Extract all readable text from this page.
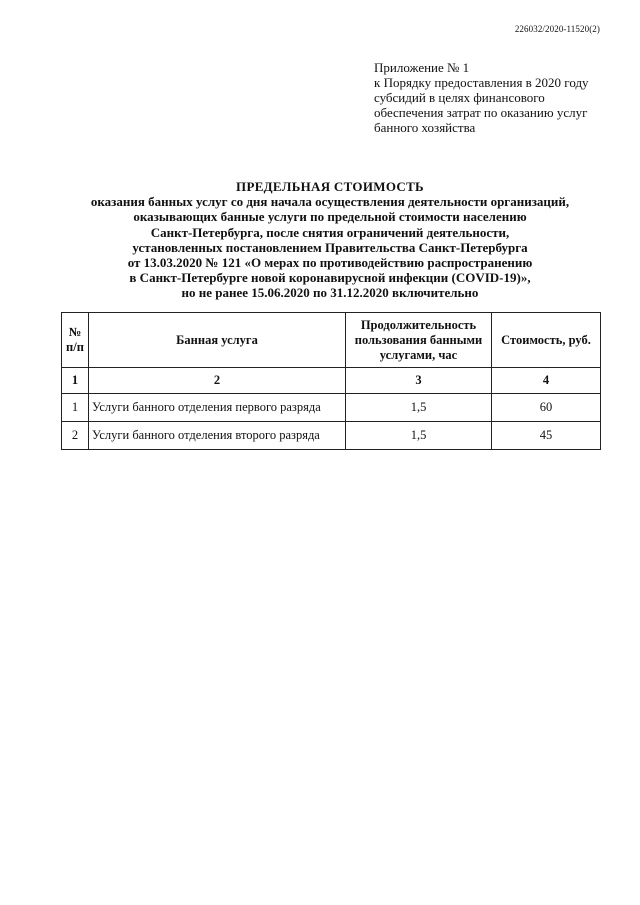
226032/2020-11520(2)
Приложение № 1
к Порядку предоставления в 2020 году
субсидий в целях финансового
обеспечения затрат по оказанию услуг
банного хозяйства
ПРЕДЕЛЬНАЯ СТОИМОСТЬ
оказания банных услуг со дня начала осуществления деятельности организаций,
оказывающих банные услуги по предельной стоимости населению
Санкт-Петербурга, после снятия ограничений деятельности,
установленных постановлением Правительства Санкт-Петербурга
от 13.03.2020 № 121 «О мерах по противодействию распространению
в Санкт-Петербурге новой коронавирусной инфекции (COVID-19)»,
но не ранее 15.06.2020 по 31.12.2020 включительно
№ п/п	Банная услуга	Продолжительность пользования банными услугами, час	Стоимость, руб.
1	2	3	4
1	Услуги банного отделения первого разряда	1,5	60
2	Услуги банного отделения второго разряда	1,5	45
